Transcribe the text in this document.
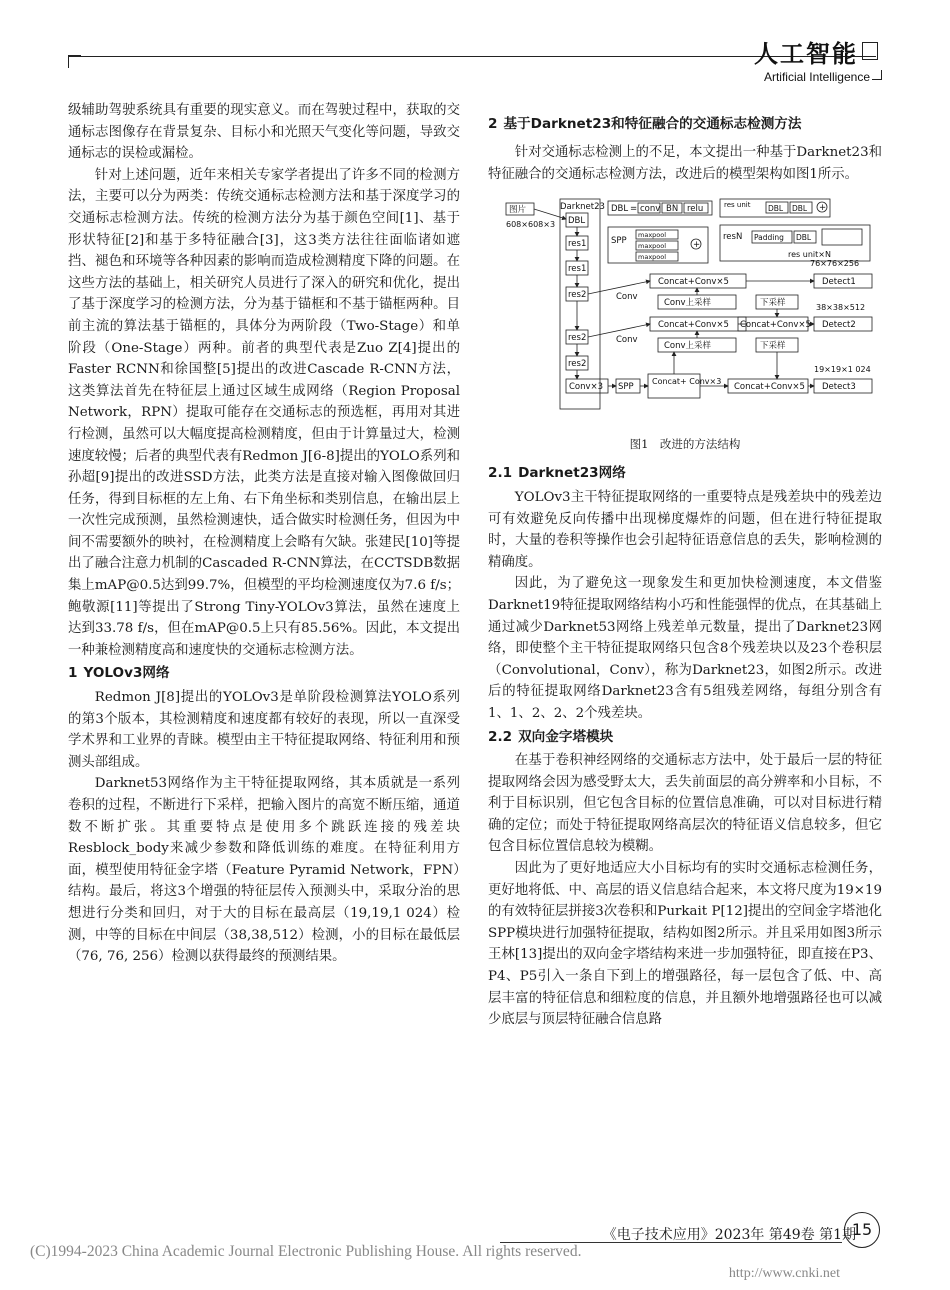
人工智能
Artificial Intelligence

级辅助驾驶系统具有重要的现实意义。而在驾驶过程中，获取的交通标志图像存在背景复杂、目标小和光照天气变化等问题，导致交通标志的误检或漏检。

针对上述问题，近年来相关专家学者提出了许多不同的检测方法，主要可以分为两类：传统交通标志检测方法和基于深度学习的交通标志检测方法。传统的检测方法分为基于颜色空间[1]、基于形状特征[2]和基于多特征融合[3]，这3类方法往往面临诸如遮挡、褪色和环境等各种因素的影响而造成检测精度下降的问题。在这些方法的基础上，相关研究人员进行了深入的研究和优化，提出了基于深度学习的检测方法，分为基于锚框和不基于锚框两种。目前主流的算法基于锚框的，具体分为两阶段（Two-Stage）和单阶段（One-Stage）两种。前者的典型代表是Zuo Z[4]提出的Faster RCNN和徐国整[5]提出的改进Cascade R-CNN方法，这类算法首先在特征层上通过区域生成网络（Region Proposal Network，RPN）提取可能存在交通标志的预选框，再用对其进行检测，虽然可以大幅度提高检测精度，但由于计算量过大，检测速度较慢；后者的典型代表有Redmon J[6-8]提出的YOLO系列和孙超[9]提出的改进SSD方法，此类方法是直接对输入图像做回归任务，得到目标框的左上角、右下角坐标和类别信息，在输出层上一次性完成预测，虽然检测速快，适合做实时检测任务，但因为中间不需要额外的映衬，在检测精度上会略有欠缺。张建民[10]等提出了融合注意力机制的Cascaded R-CNN算法，在CCTSDB数据集上mAP@0.5达到99.7%，但模型的平均检测速度仅为7.6 f/s；鲍敬源[11]等提出了Strong Tiny-YOLOv3算法，虽然在速度上达到33.78 f/s，但在mAP@0.5上只有85.56%。因此，本文提出一种兼检测精度高和速度快的交通标志检测方法。

1 YOLOv3网络

Redmon J[8]提出的YOLOv3是单阶段检测算法YOLO系列的第3个版本，其检测精度和速度都有较好的表现，所以一直深受学术界和工业界的青睐。模型由主干特征提取网络、特征利用和预测头部组成。

Darknet53网络作为主干特征提取网络，其本质就是一系列卷积的过程，不断进行下采样，把输入图片的高宽不断压缩，通道数不断扩张。其重要特点是使用多个跳跃连接的残差块Resblock_body来减少参数和降低训练的难度。在特征利用方面，模型使用特征金字塔（Feature Pyramid Network，FPN）结构。最后，将这3个增强的特征层传入预测头中，采取分治的思想进行分类和回归，对于大的目标在最高层（19,19,1 024）检测，中等的目标在中间层（38,38,512）检测，小的目标在最低层（76, 76, 256）检测以获得最终的预测结果。

2 基于Darknet23和特征融合的交通标志检测方法

针对交通标志检测上的不足，本文提出一种基于Darknet23和特征融合的交通标志检测方法，改进后的模型架构如图1所示。

图片
608×608×3
Darknet23
DBL
res1
res1
res2
res2
res2
DBL = conv BN relu	res unit DBL DBL +
SPP
maxpool
maxpool
maxpool
+
resN Padding DBL
res unit×N
Concat+Conv×5	Detect1
76×76×256
Conv
Conv上采样	下采样
Concat+Conv×5 Concat+Conv×5 Detect2
38×38×512
Conv
Conv上采样	下采样
Conv×3 SPP
Concat+ Conv×3
Concat+Conv×5 Detect3
19×19×1 024
图1　改进的方法结构
2.1 Darknet23网络

YOLOv3主干特征提取网络的一重要特点是残差块中的残差边可有效避免反向传播中出现梯度爆炸的问题，但在进行特征提取时，大量的卷积等操作也会引起特征语意信息的丢失，影响检测的精确度。

因此，为了避免这一现象发生和更加快检测速度，本文借鉴Darknet19特征提取网络结构小巧和性能强悍的优点，在其基础上通过减少Darknet53网络上残差单元数量，提出了Darknet23网络，即使整个主干特征提取网络只包含8个残差块以及23个卷积层（Convolutional，Conv），称为Darknet23，如图2所示。改进后的特征提取网络Darknet23含有5组残差网络，每组分别含有1、1、2、2、2个残差块。

2.2 双向金字塔模块

在基于卷积神经网络的交通标志方法中，处于最后一层的特征提取网络会因为感受野太大，丢失前面层的高分辨率和小目标，不利于目标识别，但它包含目标的位置信息准确，可以对目标进行精确的定位；而处于特征提取网络高层次的特征语义信息较多，但它包含目标位置信息较为模糊。

因此为了更好地适应大小目标均有的实时交通标志检测任务，更好地将低、中、高层的语义信息结合起来，本文将尺度为19×19的有效特征层拼接3次卷积和Purkait P[12]提出的空间金字塔池化SPP模块进行加强特征提取，结构如图2所示。并且采用如图3所示王林[13]提出的双向金字塔结构来进一步加强特征，即直接在P3、P4、P5引入一条自下到上的增强路径，每一层包含了低、中、高层丰富的特征信息和细粒度的信息，并且额外地增强路径也可以减少底层与顶层特征融合信息路

《电子技术应用》2023年 第49卷 第1期
15
(C)1994-2023 China Academic Journal Electronic Publishing House. All rights reserved.
http://www.cnki.net
